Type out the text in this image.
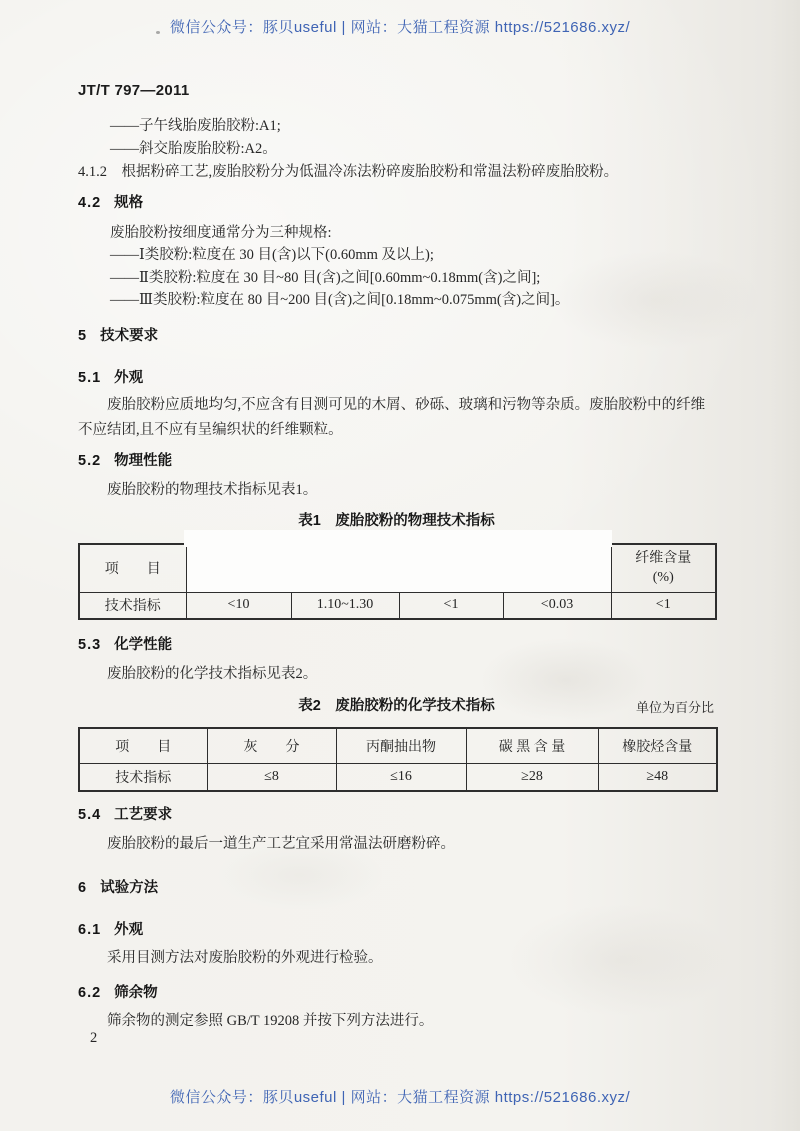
微信公众号：豚贝useful | 网站：大猫工程资源 https://521686.xyz/
JT/T 797—2011
——子午线胎废胎胶粉:A1;
——斜交胎废胎胶粉:A2。
4.1.2　根据粉碎工艺,废胎胶粉分为低温冷冻法粉碎废胎胶粉和常温法粉碎废胎胶粉。
4.2 规格
废胎胶粉按细度通常分为三种规格:
——Ⅰ类胶粉:粒度在 30 目(含)以下(0.60mm 及以上);
——Ⅱ类胶粉:粒度在 30 目~80 目(含)之间[0.60mm~0.18mm(含)之间];
——Ⅲ类胶粉:粒度在 80 目~200 目(含)之间[0.18mm~0.075mm(含)之间]。
5 技术要求
5.1 外观
废胎胶粉应质地均匀,不应含有目测可见的木屑、砂砾、玻璃和污物等杂质。废胎胶粉中的纤维不应结团,且不应有呈编织状的纤维颗粒。
5.2 物理性能
废胎胶粉的物理技术指标见表1。
表1　废胎胶粉的物理技术指标
项　　目					纤维含量
(%)

技术指标	<10	1.10~1.30	<1	<0.03	<1
5.3 化学性能
废胎胶粉的化学技术指标见表2。
表2　废胎胶粉的化学技术指标	单位为百分比
项　　目	灰　　分	丙酮抽出物	碳 黑 含 量	橡胶烃含量
技术指标	≤8	≤16	≥28	≥48
5.4 工艺要求
废胎胶粉的最后一道生产工艺宜采用常温法研磨粉碎。
6 试验方法
6.1 外观
采用目测方法对废胎胶粉的外观进行检验。
6.2 筛余物
筛余物的测定参照 GB/T 19208 并按下列方法进行。
2
微信公众号：豚贝useful | 网站：大猫工程资源 https://521686.xyz/
